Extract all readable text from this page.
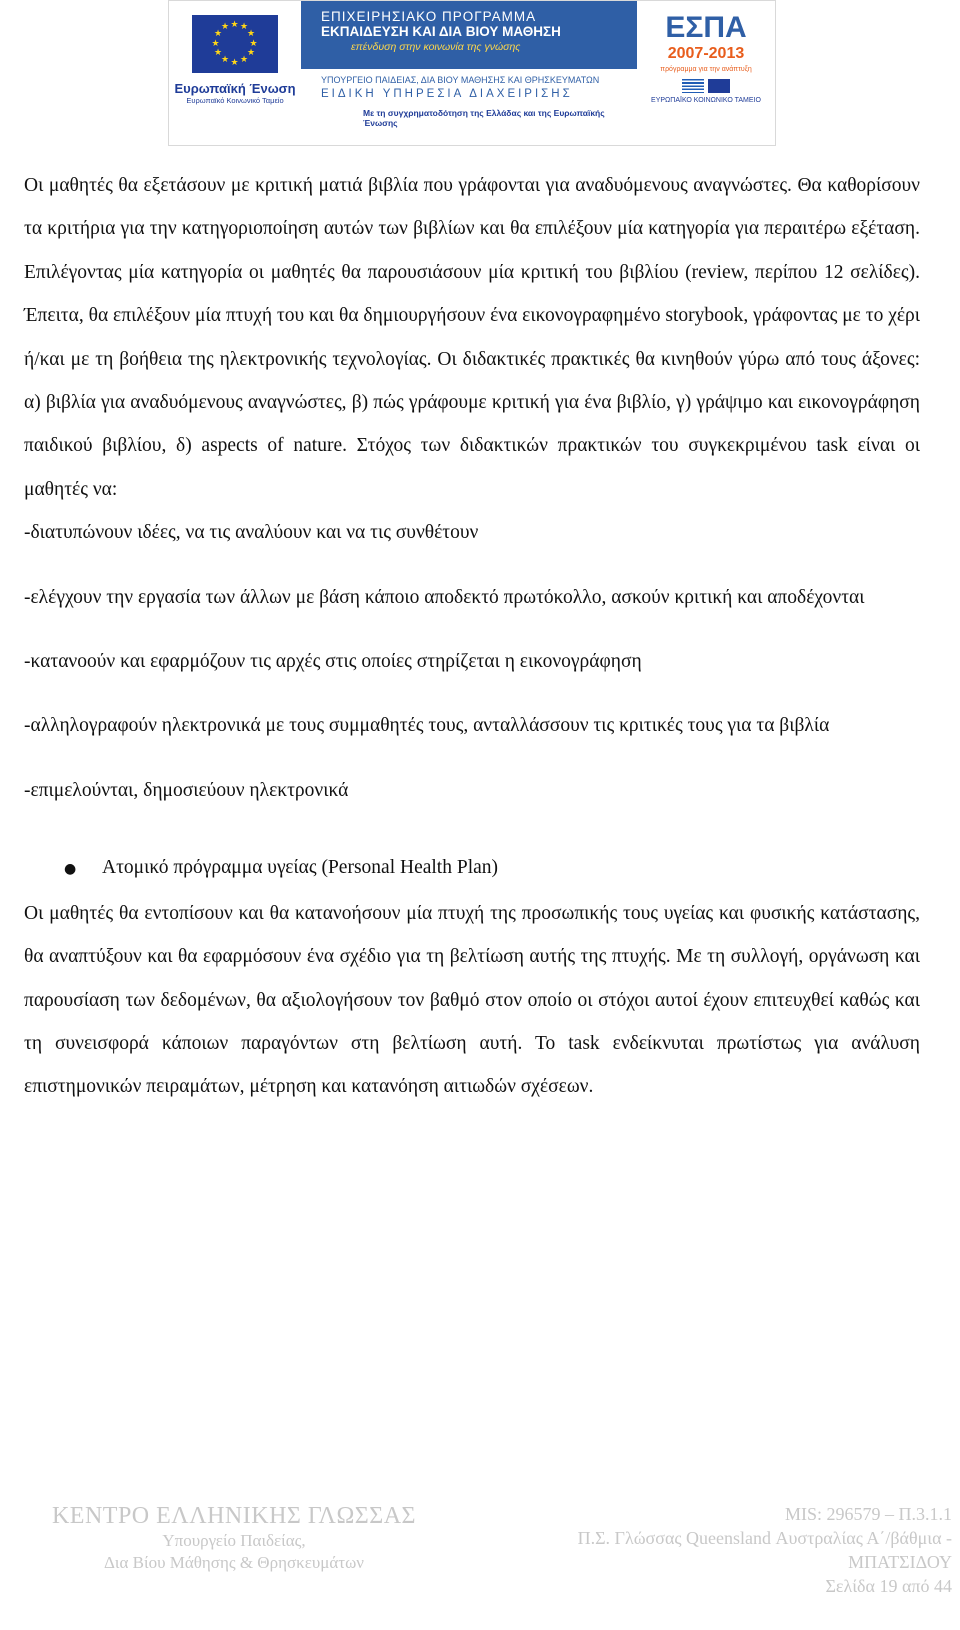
★ ★
★
★
★
★
★
★
★
★
★
★
Ευρωπαϊκή Ένωση
Ευρωπαϊκό Κοινωνικό Ταμείο
ΕΠΙΧΕΙΡΗΣΙΑΚΟ ΠΡΟΓΡΑΜΜΑ
ΕΚΠΑΙΔΕΥΣΗ ΚΑΙ ΔΙΑ ΒΙΟΥ ΜΑΘΗΣΗ
επένδυση στην κοινωνία της γνώσης
ΥΠΟΥΡΓΕΙΟ ΠΑΙΔΕΙΑΣ, ΔΙΑ ΒΙΟΥ ΜΑΘΗΣΗΣ ΚΑΙ ΘΡΗΣΚΕΥΜΑΤΩΝ
ΕΙΔΙΚΗ ΥΠΗΡΕΣΙΑ ΔΙΑΧΕΙΡΙΣΗΣ
Με τη συγχρηματοδότηση της Ελλάδας και της Ευρωπαϊκής Ένωσης
ΕΣΠΑ
2007-2013
πρόγραμμα για την ανάπτυξη
ΕΥΡΩΠΑΪΚΟ ΚΟΙΝΩΝΙΚΟ ΤΑΜΕΙΟ

Οι μαθητές θα εξετάσουν με κριτική ματιά βιβλία που γράφονται για αναδυόμενους αναγνώστες. Θα καθορίσουν τα κριτήρια για την κατηγοριοποίηση αυτών των βιβλίων και θα επιλέξουν μία κατηγορία για περαιτέρω εξέταση. Επιλέγοντας μία κατηγορία οι μαθητές θα παρουσιάσουν μία κριτική του βιβλίου (review, περίπου 12 σελίδες). Έπειτα, θα επιλέξουν μία πτυχή του και θα δημιουργήσουν ένα εικονογραφημένο storybook, γράφοντας με το χέρι ή/και με τη βοήθεια της ηλεκτρονικής τεχνολογίας. Οι διδακτικές πρακτικές θα κινηθούν γύρω από τους άξονες: α) βιβλία για αναδυόμενους αναγνώστες, β) πώς γράφουμε κριτική για ένα βιβλίο, γ) γράψιμο και εικονογράφηση παιδικού βιβλίου, δ) aspects of nature. Στόχος των διδακτικών πρακτικών του συγκεκριμένου task είναι οι μαθητές να:

-διατυπώνουν ιδέες, να τις αναλύουν και να τις συνθέτουν

-ελέγχουν την εργασία των άλλων με βάση κάποιο αποδεκτό πρωτόκολλο, ασκούν κριτική και αποδέχονται

-κατανοούν και εφαρμόζουν τις αρχές στις οποίες στηρίζεται η εικονογράφηση

-αλληλογραφούν ηλεκτρονικά με τους συμμαθητές τους, ανταλλάσσουν τις κριτικές τους για τα βιβλία

-επιμελούνται, δημοσιεύουν ηλεκτρονικά

●	Ατομικό πρόγραμμα υγείας (Personal Health Plan)

Οι μαθητές θα εντοπίσουν και θα κατανοήσουν μία πτυχή της προσωπικής τους υγείας και φυσικής κατάστασης, θα αναπτύξουν και θα εφαρμόσουν ένα σχέδιο για τη βελτίωση αυτής της πτυχής. Με τη συλλογή, οργάνωση και παρουσίαση των δεδομένων, θα αξιολογήσουν τον βαθμό στον οποίο οι στόχοι αυτοί έχουν επιτευχθεί καθώς και τη συνεισφορά κάποιων παραγόντων στη βελτίωση αυτή. Το task ενδείκνυται πρωτίστως για ανάλυση επιστημονικών πειραμάτων, μέτρηση και κατανόηση αιτιωδών σχέσεων.

ΚΕΝΤΡΟ ΕΛΛΗΝΙΚΗΣ ΓΛΩΣΣΑΣ
Υπουργείο Παιδείας,
Δια Βίου Μάθησης & Θρησκευμάτων
MIS: 296579 – Π.3.1.1
Π.Σ. Γλώσσας Queensland Αυστραλίας Α΄/βάθμια -
ΜΠΑΤΣΙΔΟΥ
Σελίδα 19 από 44
